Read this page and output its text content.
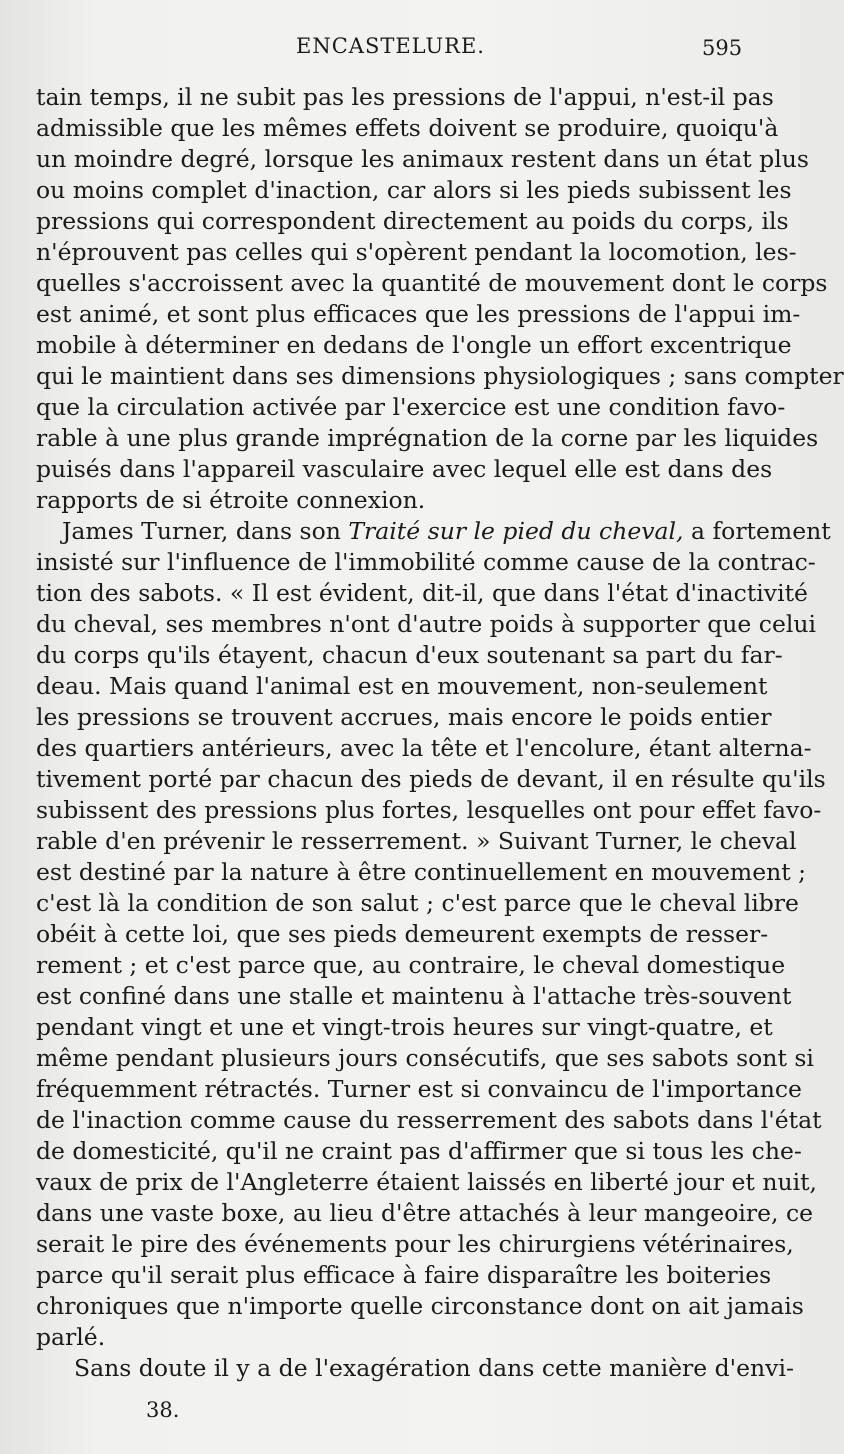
ENCASTELURE.	595
tain temps, il ne subit pas les pressions de l'appui, n'est-il pas
admissible que les mêmes effets doivent se produire, quoiqu'à
un moindre degré, lorsque les animaux restent dans un état plus
ou moins complet d'inaction, car alors si les pieds subissent les
pressions qui correspondent directement au poids du corps, ils
n'éprouvent pas celles qui s'opèrent pendant la locomotion, les-
quelles s'accroissent avec la quantité de mouvement dont le corps
est animé, et sont plus efficaces que les pressions de l'appui im-
mobile à déterminer en dedans de l'ongle un effort excentrique
qui le maintient dans ses dimensions physiologiques ; sans compter
que la circulation activée par l'exercice est une condition favo-
rable à une plus grande imprégnation de la corne par les liquides
puisés dans l'appareil vasculaire avec lequel elle est dans des
rapports de si étroite connexion.
James Turner, dans son Traité sur le pied du cheval, a fortement
insisté sur l'influence de l'immobilité comme cause de la contrac-
tion des sabots. « Il est évident, dit-il, que dans l'état d'inactivité
du cheval, ses membres n'ont d'autre poids à supporter que celui
du corps qu'ils étayent, chacun d'eux soutenant sa part du far-
deau. Mais quand l'animal est en mouvement, non-seulement
les pressions se trouvent accrues, mais encore le poids entier
des quartiers antérieurs, avec la tête et l'encolure, étant alterna-
tivement porté par chacun des pieds de devant, il en résulte qu'ils
subissent des pressions plus fortes, lesquelles ont pour effet favo-
rable d'en prévenir le resserrement. » Suivant Turner, le cheval
est destiné par la nature à être continuellement en mouvement ;
c'est là la condition de son salut ; c'est parce que le cheval libre
obéit à cette loi, que ses pieds demeurent exempts de resser-
rement ; et c'est parce que, au contraire, le cheval domestique
est confiné dans une stalle et maintenu à l'attache très-souvent
pendant vingt et une et vingt-trois heures sur vingt-quatre, et
même pendant plusieurs jours consécutifs, que ses sabots sont si
fréquemment rétractés. Turner est si convaincu de l'importance
de l'inaction comme cause du resserrement des sabots dans l'état
de domesticité, qu'il ne craint pas d'affirmer que si tous les che-
vaux de prix de l'Angleterre étaient laissés en liberté jour et nuit,
dans une vaste boxe, au lieu d'être attachés à leur mangeoire, ce
serait le pire des événements pour les chirurgiens vétérinaires,
parce qu'il serait plus efficace à faire disparaître les boiteries
chroniques que n'importe quelle circonstance dont on ait jamais
parlé.
Sans doute il y a de l'exagération dans cette manière d'envi-
38.
